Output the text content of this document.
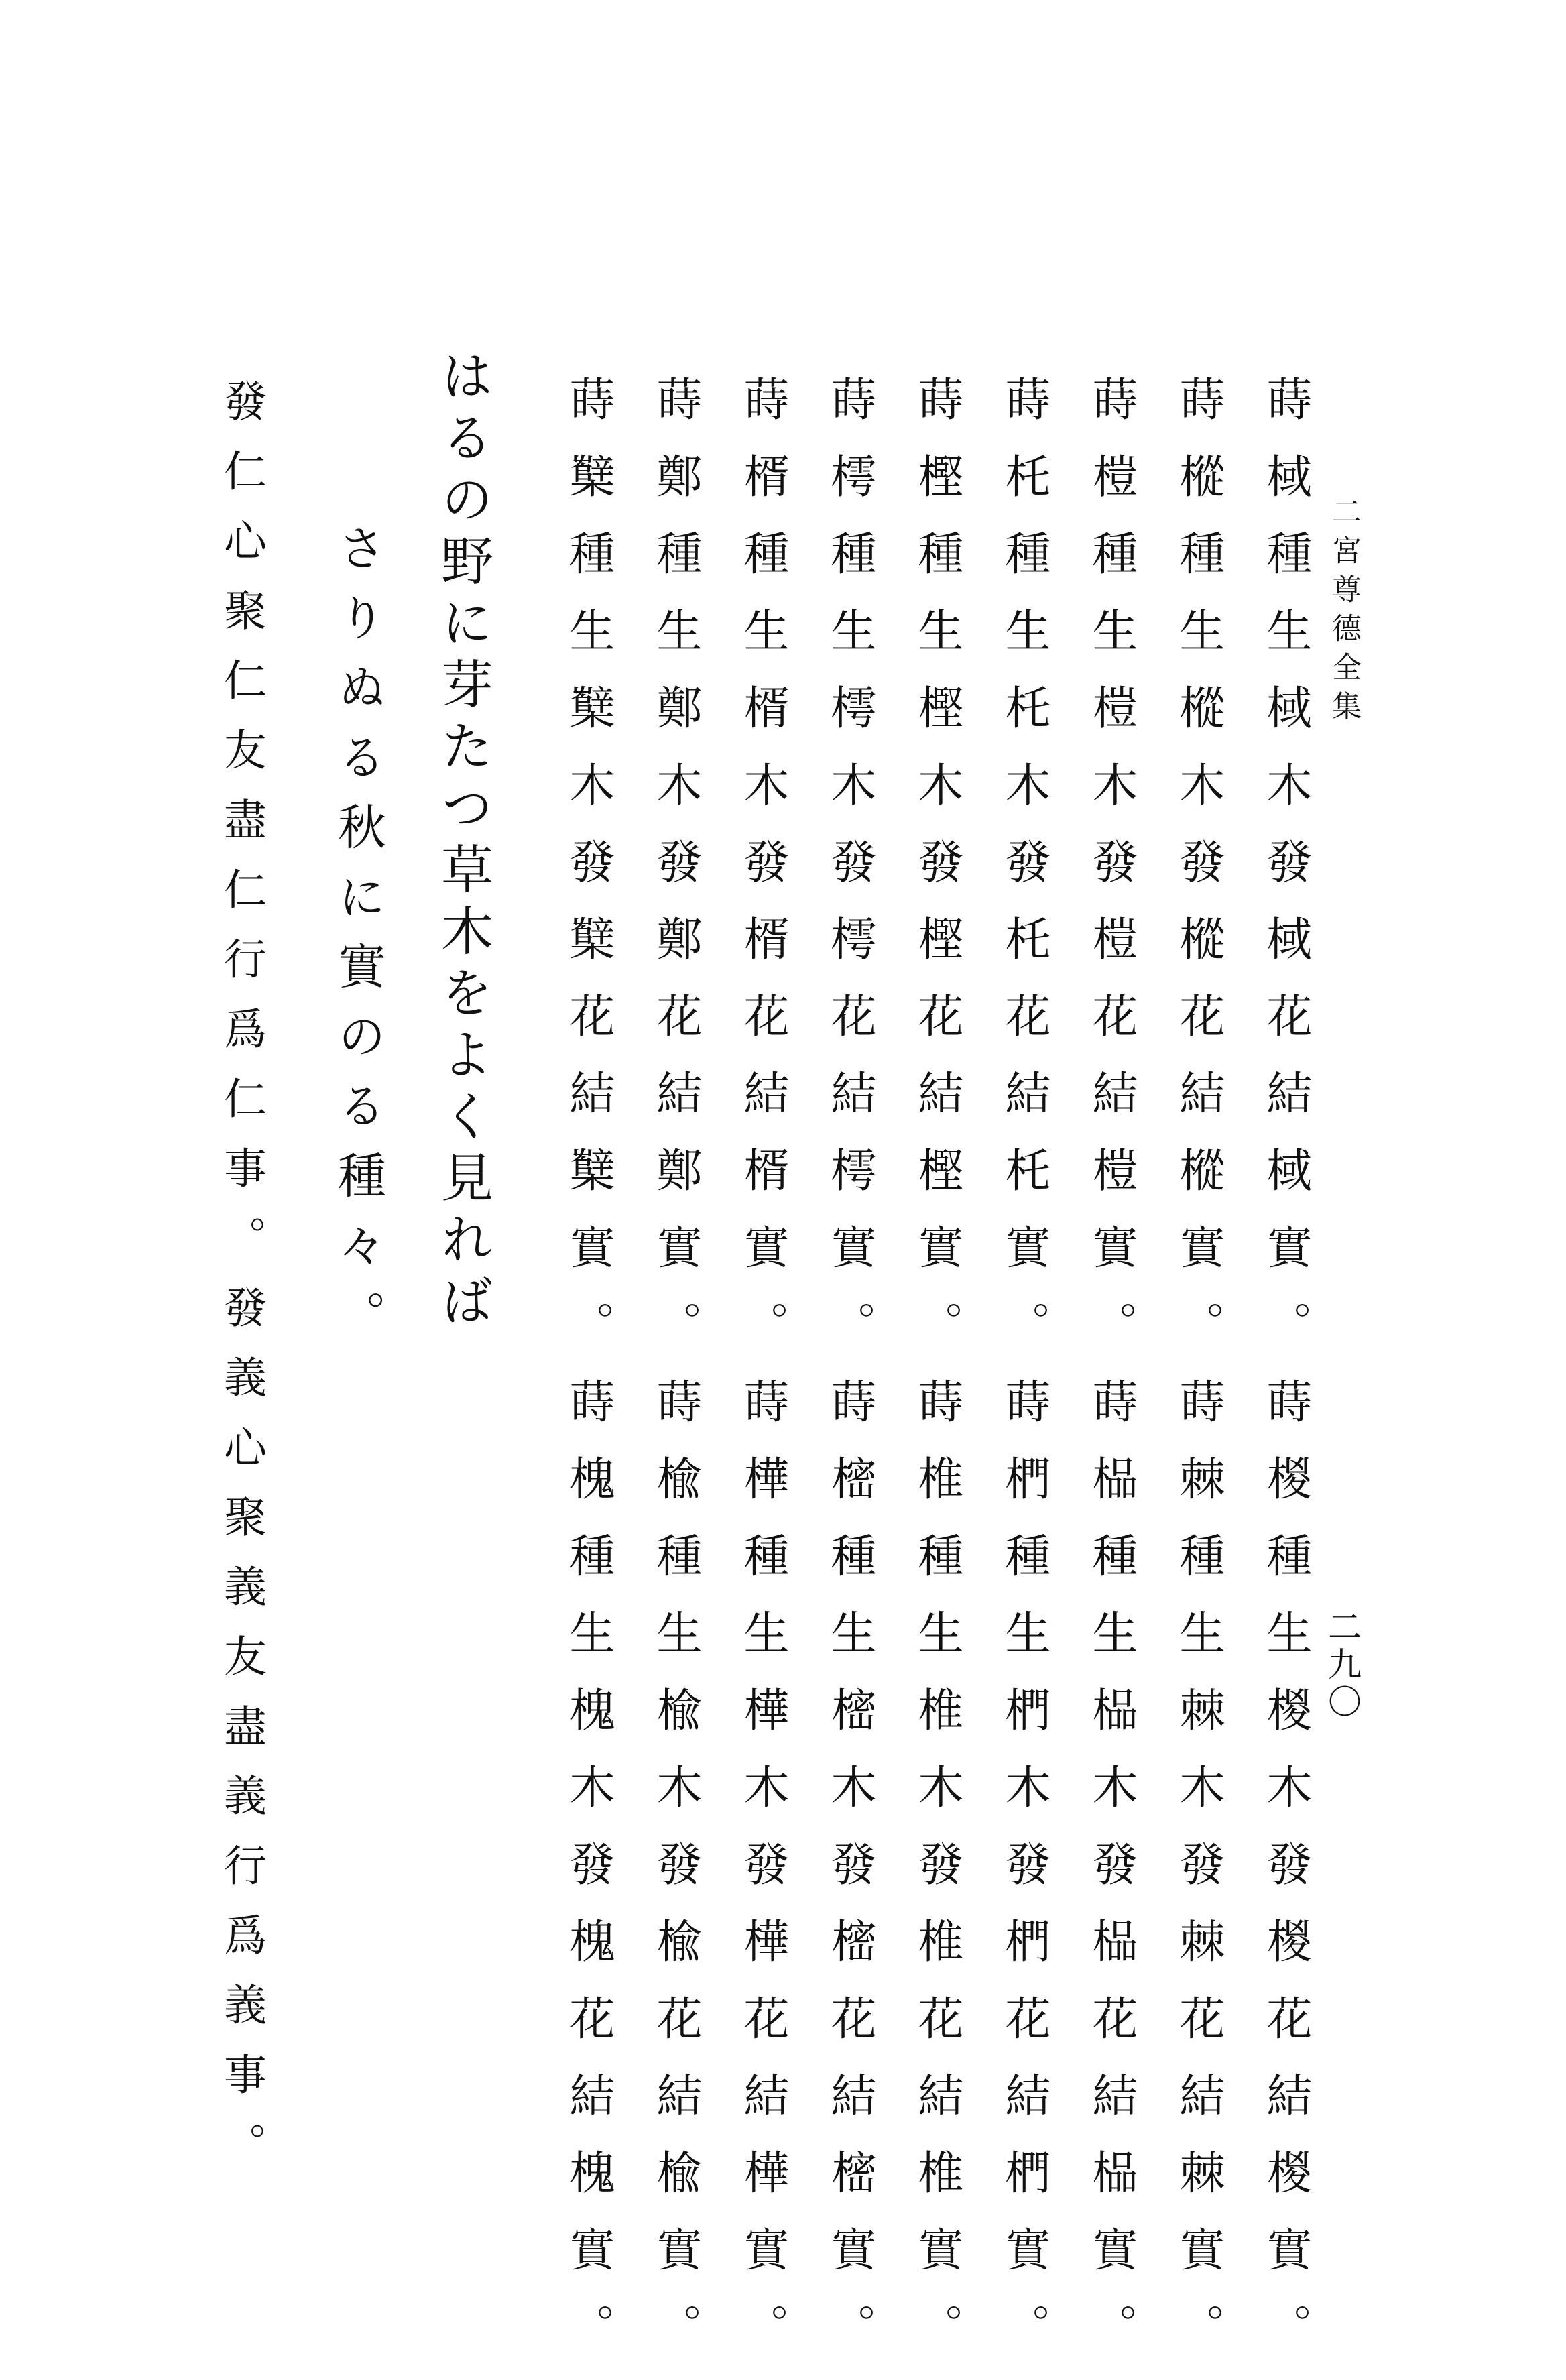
二宮尊德全集
二九〇
蒔棫種生棫木發棫花結棫實。蒔椶種生椶木發椶花結椶實。
蒔樅種生樅木發樅花結樅實。蒔棘種生棘木發棘花結棘實。
蒔榿種生榿木發榿花結榿實。蒔榀種生榀木發榀花結榀實。
蒔杔種生杔木發杔花結杔實。蒔椚種生椚木發椚花結椚實。
蒔樫種生樫木發樫花結樫實。蒔椎種生椎木發椎花結椎實。
蒔樗種生樗木發樗花結樗實。蒔樒種生樒木發樒花結樒實。
蒔楈種生楈木發楈花結楈實。蒔樺種生樺木發樺花結樺實。
蒔鄭種生鄭木發鄭花結鄭實。蒔楡種生楡木發楡花結楡實。
蒔櫱種生櫱木發櫱花結櫱實。蒔槐種生槐木發槐花結槐實。
はるの野に芽たつ草木をよく見れば
さりぬる秋に實のる種々。
發仁心聚仁友盡仁行爲仁事。發義心聚義友盡義行爲義事。
